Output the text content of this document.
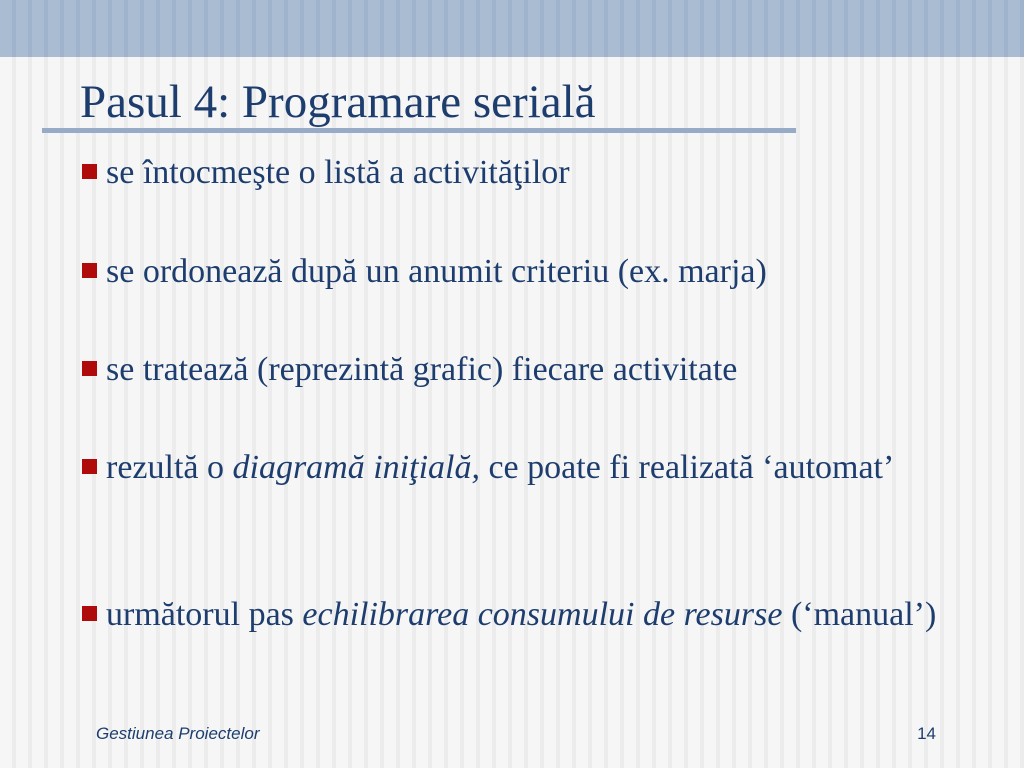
Pasul 4: Programare serială
se întocmeşte o listă a activităţilor
se ordonează după un anumit criteriu (ex. marja)
se tratează (reprezintă grafic) fiecare activitate
rezultă o diagramă iniţială, ce poate fi realizată ‘automat’
următorul pas echilibrarea consumului de resurse (‘manual’)
Gestiunea Proiectelor	14
